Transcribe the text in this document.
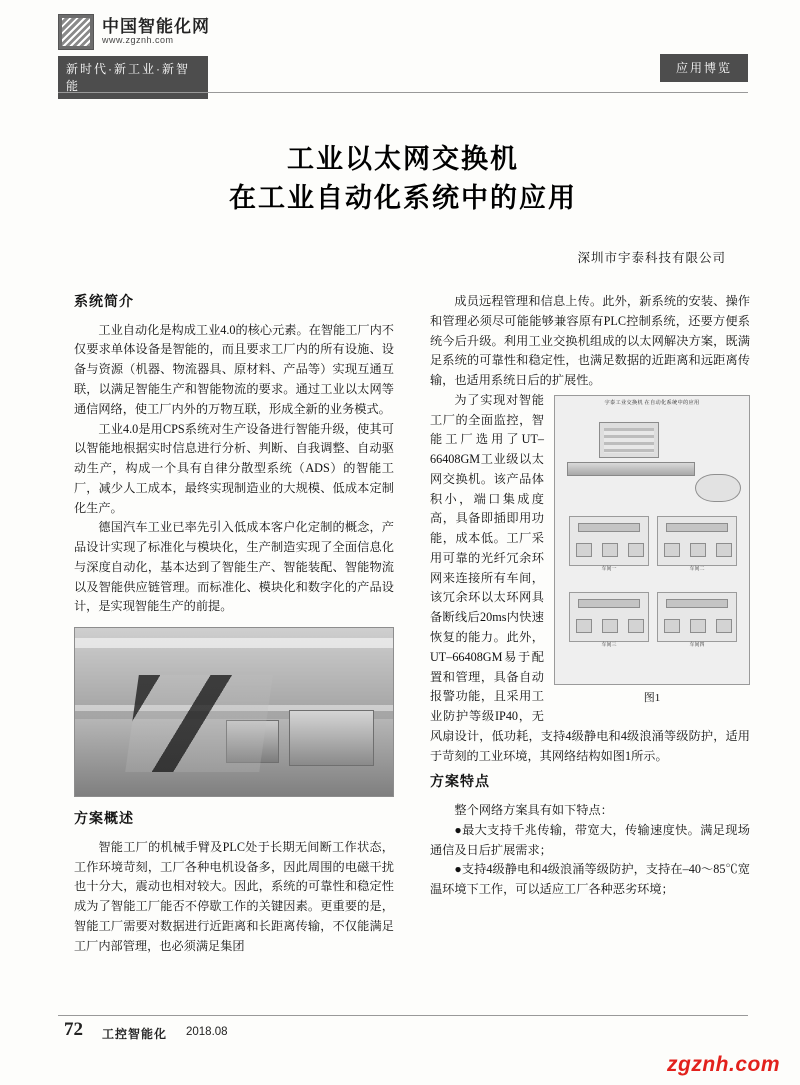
中国智能化网
www.zgznh.com
新时代·新工业·新智能
应用博览
工业以太网交换机
在工业自动化系统中的应用
深圳市宇泰科技有限公司
系统简介

工业自动化是构成工业4.0的核心元素。在智能工厂内不仅要求单体设备是智能的，而且要求工厂内的所有设施、设备与资源（机器、物流器具、原材料、产品等）实现互通互联，以满足智能生产和智能物流的要求。通过工业以太网等通信网络，使工厂内外的万物互联，形成全新的业务模式。

工业4.0是用CPS系统对生产设备进行智能升级，使其可以智能地根据实时信息进行分析、判断、自我调整、自动驱动生产，构成一个具有自律分散型系统（ADS）的智能工厂，减少人工成本，最终实现制造业的大规模、低成本定制化生产。

德国汽车工业已率先引入低成本客户化定制的概念，产品设计实现了标准化与模块化，生产制造实现了全面信息化与深度自动化，基本达到了智能生产、智能装配、智能物流以及智能供应链管理。而标准化、模块化和数字化的产品设计，是实现智能生产的前提。

方案概述

智能工厂的机械手臂及PLC处于长期无间断工作状态，工作环境苛刻，工厂各种电机设备多，因此周围的电磁干扰也十分大，震动也相对较大。因此，系统的可靠性和稳定性成为了智能工厂能否不停歇工作的关键因素。更重要的是，智能工厂需要对数据进行近距离和长距离传输，不仅能满足工厂内部管理，也必须满足集团

成员远程管理和信息上传。此外，新系统的安装、操作和管理必须尽可能能够兼容原有PLC控制系统，还要方便系统今后升级。利用工业交换机组成的以太网解决方案，既满足系统的可靠性和稳定性，也满足数据的近距离和远距离传输，也适用系统日后的扩展性。

宇泰工业交换机 在自动化系统中的应用
车间一	车间二
车间三	车间四
图1

为了实现对智能工厂的全面监控，智能工厂选用了UT–66408GM工业级以太网交换机。该产品体积小，端口集成度高，具备即插即用功能，成本低。工厂采用可靠的光纤冗余环网来连接所有车间，该冗余环以太环网具备断线后20ms内快速恢复的能力。此外，UT–66408GM易于配置和管理，具备自动报警功能，且采用工业防护等级IP40，无风扇设计，低功耗，支持4级静电和4级浪涌等级防护，适用于苛刻的工业环境，其网络结构如图1所示。

方案特点

整个网络方案具有如下特点：

●最大支持千兆传输，带宽大，传输速度快。满足现场通信及日后扩展需求；

●支持4级静电和4级浪涌等级防护，支持在–40～85℃宽温环境下工作，可以适应工厂各种恶劣环境；

72 工控智能化 2018.08
zgznh.com
